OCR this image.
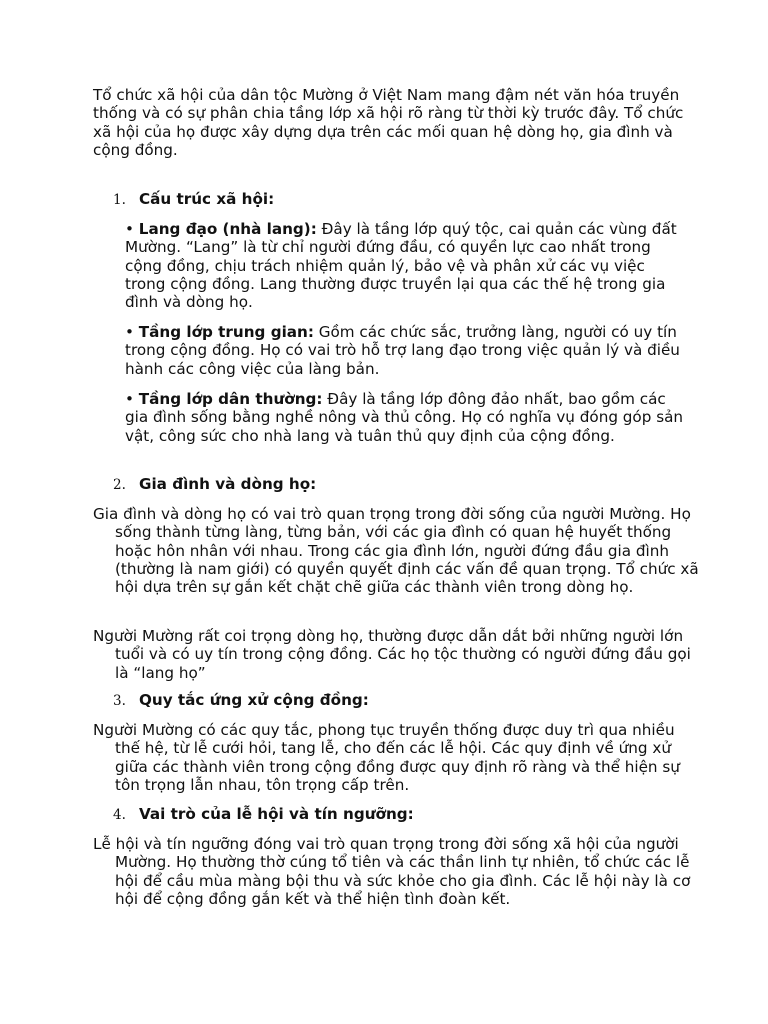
Tổ chức xã hội của dân tộc Mường ở Việt Nam mang đậm nét văn hóa truyền thống và có sự phân chia tầng lớp xã hội rõ ràng từ thời kỳ trước đây. Tổ chức xã hội của họ được xây dựng dựa trên các mối quan hệ dòng họ, gia đình và cộng đồng.

1. Cấu trúc xã hội:

• Lang đạo (nhà lang): Đây là tầng lớp quý tộc, cai quản các vùng đất Mường. “Lang” là từ chỉ người đứng đầu, có quyền lực cao nhất trong cộng đồng, chịu trách nhiệm quản lý, bảo vệ và phân xử các vụ việc trong cộng đồng. Lang thường được truyền lại qua các thế hệ trong gia đình và dòng họ.

• Tầng lớp trung gian: Gồm các chức sắc, trưởng làng, người có uy tín trong cộng đồng. Họ có vai trò hỗ trợ lang đạo trong việc quản lý và điều hành các công việc của làng bản.

• Tầng lớp dân thường: Đây là tầng lớp đông đảo nhất, bao gồm các gia đình sống bằng nghề nông và thủ công. Họ có nghĩa vụ đóng góp sản vật, công sức cho nhà lang và tuân thủ quy định của cộng đồng.

2. Gia đình và dòng họ:

Gia đình và dòng họ có vai trò quan trọng trong đời sống của người Mường. Họ sống thành từng làng, từng bản, với các gia đình có quan hệ huyết thống hoặc hôn nhân với nhau. Trong các gia đình lớn, người đứng đầu gia đình (thường là nam giới) có quyền quyết định các vấn đề quan trọng. Tổ chức xã hội dựa trên sự gắn kết chặt chẽ giữa các thành viên trong dòng họ.

Người Mường rất coi trọng dòng họ, thường được dẫn dắt bởi những người lớn tuổi và có uy tín trong cộng đồng. Các họ tộc thường có người đứng đầu gọi là “lang họ”

3. Quy tắc ứng xử cộng đồng:

Người Mường có các quy tắc, phong tục truyền thống được duy trì qua nhiều thế hệ, từ lễ cưới hỏi, tang lễ, cho đến các lễ hội. Các quy định về ứng xử giữa các thành viên trong cộng đồng được quy định rõ ràng và thể hiện sự tôn trọng lẫn nhau, tôn trọng cấp trên.

4. Vai trò của lễ hội và tín ngưỡng:

Lễ hội và tín ngưỡng đóng vai trò quan trọng trong đời sống xã hội của người Mường. Họ thường thờ cúng tổ tiên và các thần linh tự nhiên, tổ chức các lễ hội để cầu mùa màng bội thu và sức khỏe cho gia đình. Các lễ hội này là cơ hội để cộng đồng gắn kết và thể hiện tình đoàn kết.
